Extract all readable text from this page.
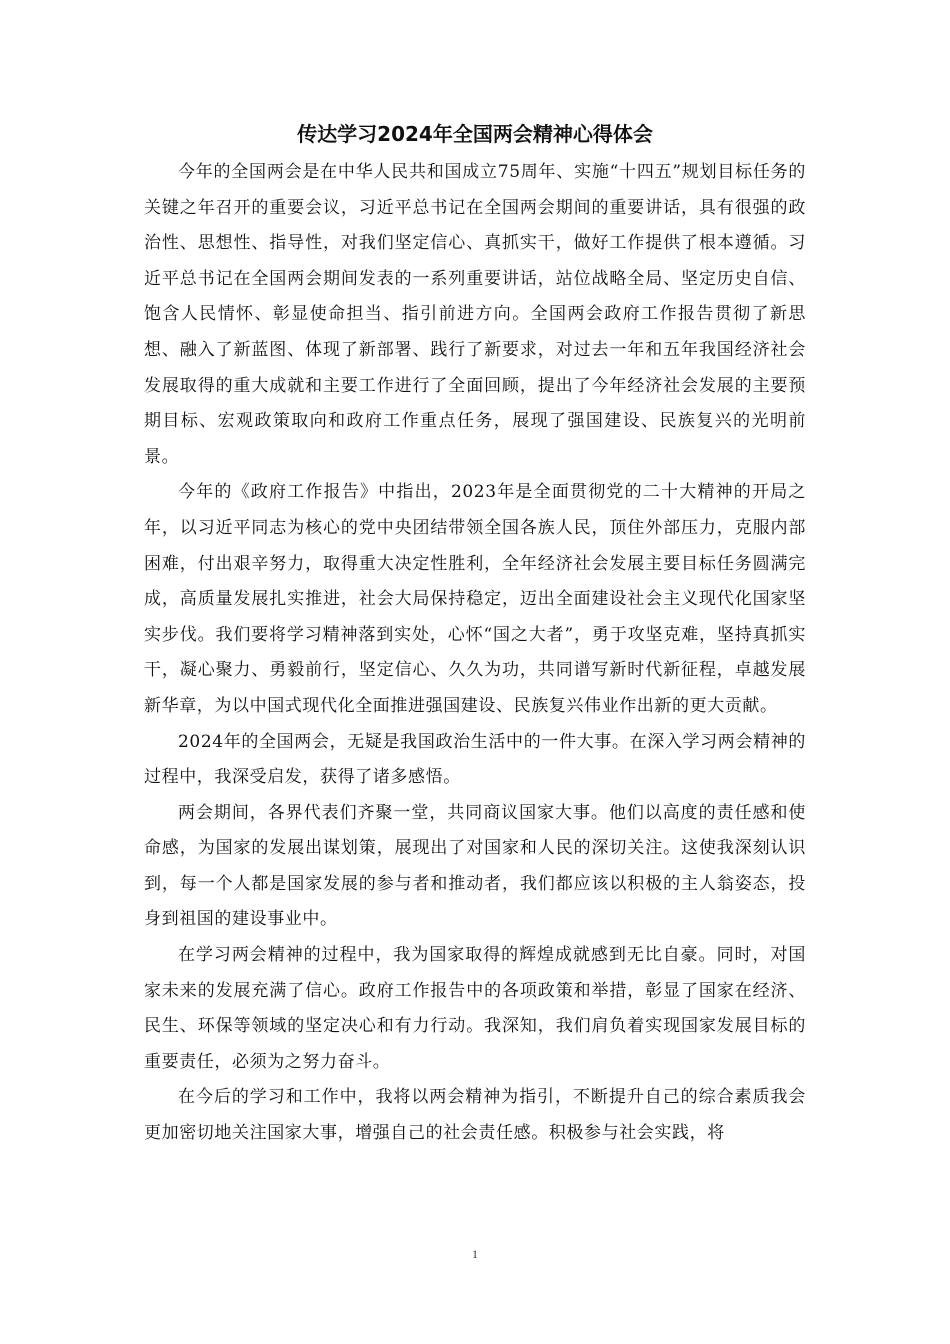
传达学习2024年全国两会精神心得体会

今年的全国两会是在中华人民共和国成立75周年、实施“十四五”规划目标任务的关键之年召开的重要会议，习近平总书记在全国两会期间的重要讲话，具有很强的政治性、思想性、指导性，对我们坚定信心、真抓实干，做好工作提供了根本遵循。习近平总书记在全国两会期间发表的一系列重要讲话，站位战略全局、坚定历史自信、饱含人民情怀、彰显使命担当、指引前进方向。全国两会政府工作报告贯彻了新思想、融入了新蓝图、体现了新部署、践行了新要求，对过去一年和五年我国经济社会发展取得的重大成就和主要工作进行了全面回顾，提出了今年经济社会发展的主要预期目标、宏观政策取向和政府工作重点任务，展现了强国建设、民族复兴的光明前景。

今年的《政府工作报告》中指出，2023年是全面贯彻党的二十大精神的开局之年，以习近平同志为核心的党中央团结带领全国各族人民，顶住外部压力，克服内部困难，付出艰辛努力，取得重大决定性胜利，全年经济社会发展主要目标任务圆满完成，高质量发展扎实推进，社会大局保持稳定，迈出全面建设社会主义现代化国家坚实步伐。我们要将学习精神落到实处，心怀“国之大者”，勇于攻坚克难，坚持真抓实干，凝心聚力、勇毅前行，坚定信心、久久为功，共同谱写新时代新征程，卓越发展新华章，为以中国式现代化全面推进强国建设、民族复兴伟业作出新的更大贡献。

2024年的全国两会，无疑是我国政治生活中的一件大事。在深入学习两会精神的过程中，我深受启发，获得了诸多感悟。

两会期间，各界代表们齐聚一堂，共同商议国家大事。他们以高度的责任感和使命感，为国家的发展出谋划策，展现出了对国家和人民的深切关注。这使我深刻认识到，每一个人都是国家发展的参与者和推动者，我们都应该以积极的主人翁姿态，投身到祖国的建设事业中。

在学习两会精神的过程中，我为国家取得的辉煌成就感到无比自豪。同时，对国家未来的发展充满了信心。政府工作报告中的各项政策和举措，彰显了国家在经济、民生、环保等领域的坚定决心和有力行动。我深知，我们肩负着实现国家发展目标的重要责任，必须为之努力奋斗。

在今后的学习和工作中，我将以两会精神为指引，不断提升自己的综合素质我会更加密切地关注国家大事，增强自己的社会责任感。积极参与社会实践，将

1
